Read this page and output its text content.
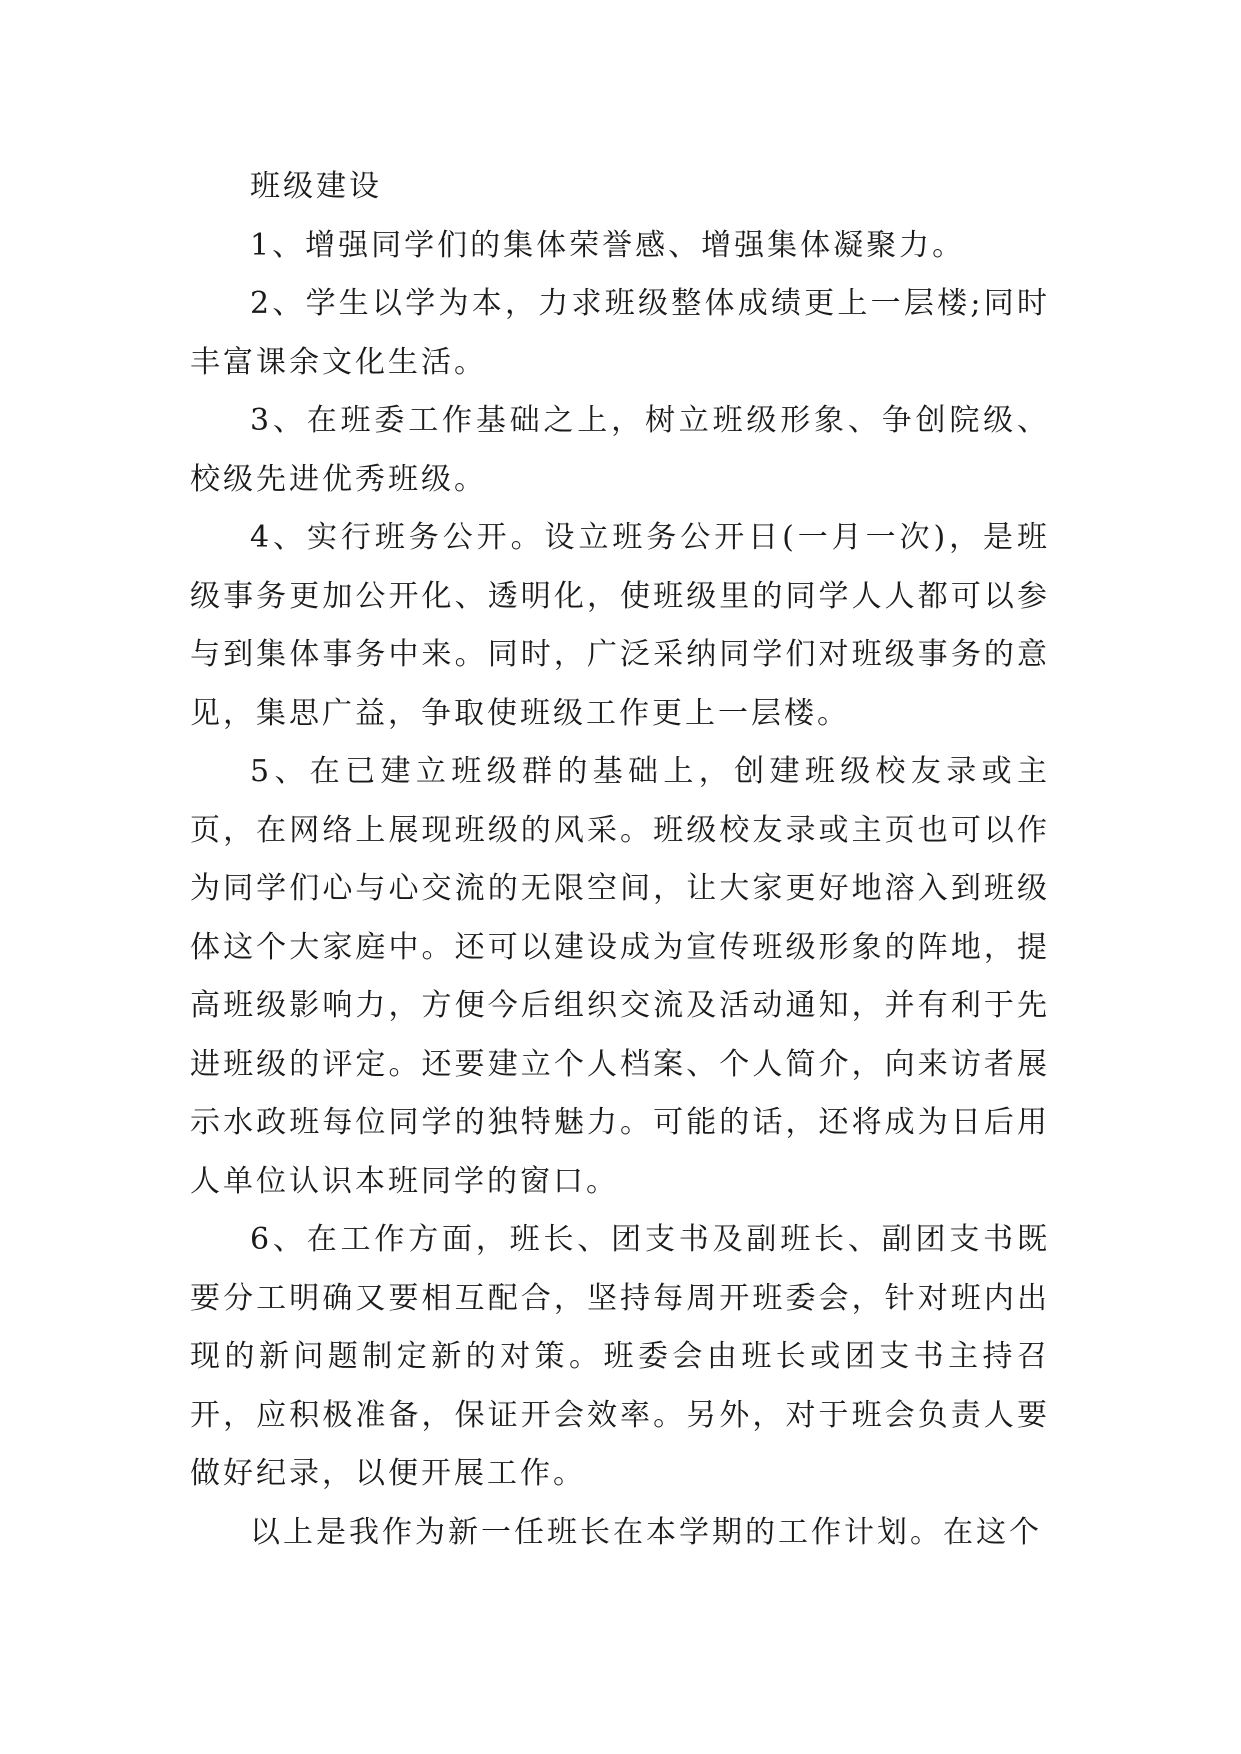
班级建设

1、增强同学们的集体荣誉感、增强集体凝聚力。

2、学生以学为本，力求班级整体成绩更上一层楼;同时丰富课余文化生活。

3、在班委工作基础之上，树立班级形象、争创院级、校级先进优秀班级。

4、实行班务公开。设立班务公开日(一月一次)，是班级事务更加公开化、透明化，使班级里的同学人人都可以参与到集体事务中来。同时，广泛采纳同学们对班级事务的意见，集思广益，争取使班级工作更上一层楼。

5、在已建立班级群的基础上，创建班级校友录或主页，在网络上展现班级的风采。班级校友录或主页也可以作为同学们心与心交流的无限空间，让大家更好地溶入到班级体这个大家庭中。还可以建设成为宣传班级形象的阵地，提高班级影响力，方便今后组织交流及活动通知，并有利于先进班级的评定。还要建立个人档案、个人简介，向来访者展示水政班每位同学的独特魅力。可能的话，还将成为日后用人单位认识本班同学的窗口。

6、在工作方面，班长、团支书及副班长、副团支书既要分工明确又要相互配合，坚持每周开班委会，针对班内出现的新问题制定新的对策。班委会由班长或团支书主持召开，应积极准备，保证开会效率。另外，对于班会负责人要做好纪录，以便开展工作。

以上是我作为新一任班长在本学期的工作计划。在这个
